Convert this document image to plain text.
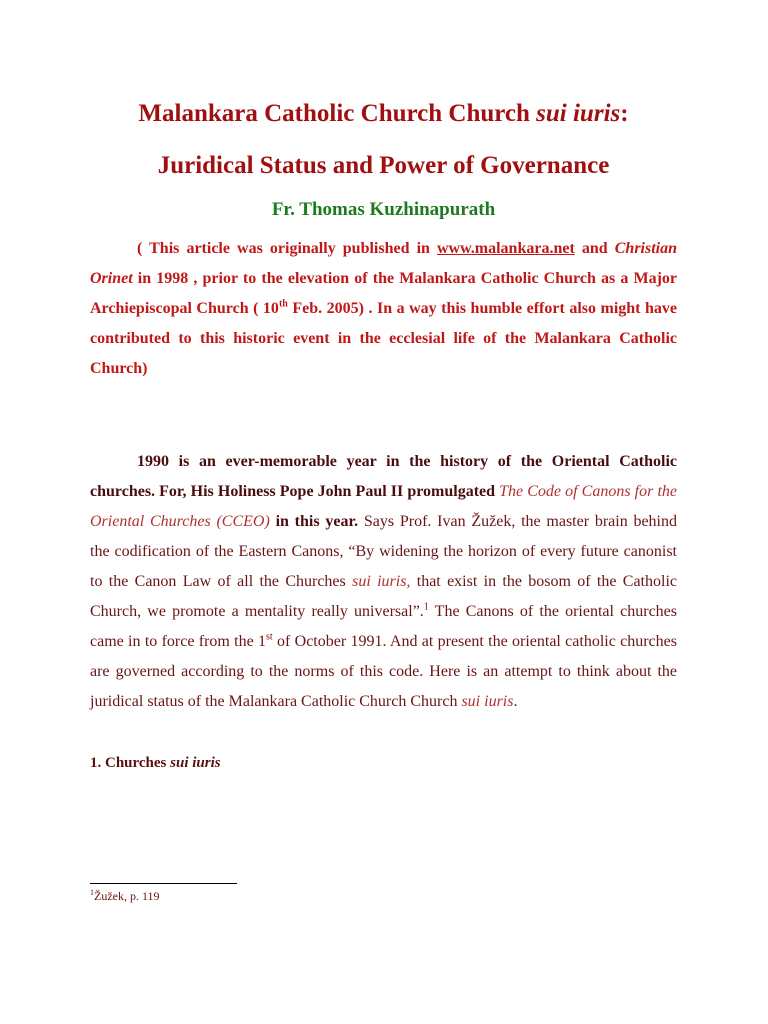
Malankara Catholic Church Church sui iuris:
Juridical Status and Power of Governance

Fr. Thomas Kuzhinapurath

( This article was originally published in www.malankara.net and Christian Orinet in 1998 , prior to the elevation of the Malankara Catholic Church as a Major Archiepiscopal Church ( 10th Feb. 2005) . In a way this humble effort also might have contributed to this historic event in the ecclesial life of the Malankara Catholic Church)

1990 is an ever-memorable year in the history of the Oriental Catholic churches. For, His Holiness Pope John Paul II promulgated The Code of Canons for the Oriental Churches (CCEO) in this year. Says Prof. Ivan Žužek, the master brain behind the codification of the Eastern Canons, “By widening the horizon of every future canonist to the Canon Law of all the Churches sui iuris, that exist in the bosom of the Catholic Church, we promote a mentality really universal”.$^1$ The Canons of the oriental churches came in to force from the 1st of October 1991. And at present the oriental catholic churches are governed according to the norms of this code. Here is an attempt to think about the juridical status of the Malankara Catholic Church Church sui iuris.

1. Churches sui iuris

$^1$Žužek, p. 119
